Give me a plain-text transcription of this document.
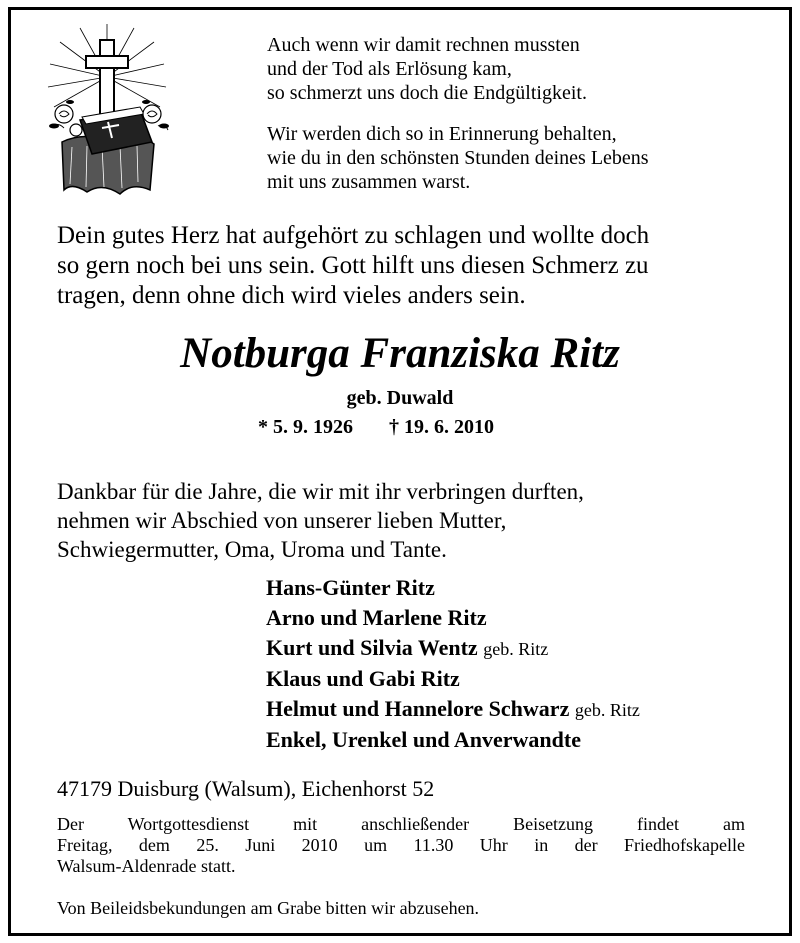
Auch wenn wir damit rechnen mussten

und der Tod als Erlösung kam,

so schmerzt uns doch die Endgültigkeit.

Wir werden dich so in Erinnerung behalten,

wie du in den schönsten Stunden deines Lebens

mit uns zusammen warst.

Dein gutes Herz hat aufgehört zu schlagen und wollte doch

so gern noch bei uns sein. Gott hilft uns diesen Schmerz zu

tragen, denn ohne dich wird vieles anders sein.

Notburga Franziska Ritz
geb. Duwald
* 5. 9. 1926 † 19. 6. 2010

Dankbar für die Jahre, die wir mit ihr verbringen durften,

nehmen wir Abschied von unserer lieben Mutter,

Schwiegermutter, Oma, Uroma und Tante.

Hans-Günter Ritz
Arno und Marlene Ritz
Kurt und Silvia Wentz geb. Ritz
Klaus und Gabi Ritz
Helmut und Hannelore Schwarz geb. Ritz
Enkel, Urenkel und Anverwandte
47179 Duisburg (Walsum), Eichenhorst 52
Der Wortgottesdienst mit anschließender Beisetzung findet am
Freitag, dem 25. Juni 2010 um 11.30 Uhr in der Friedhofskapelle
Walsum-Aldenrade statt.
Von Beileidsbekundungen am Grabe bitten wir abzusehen.
